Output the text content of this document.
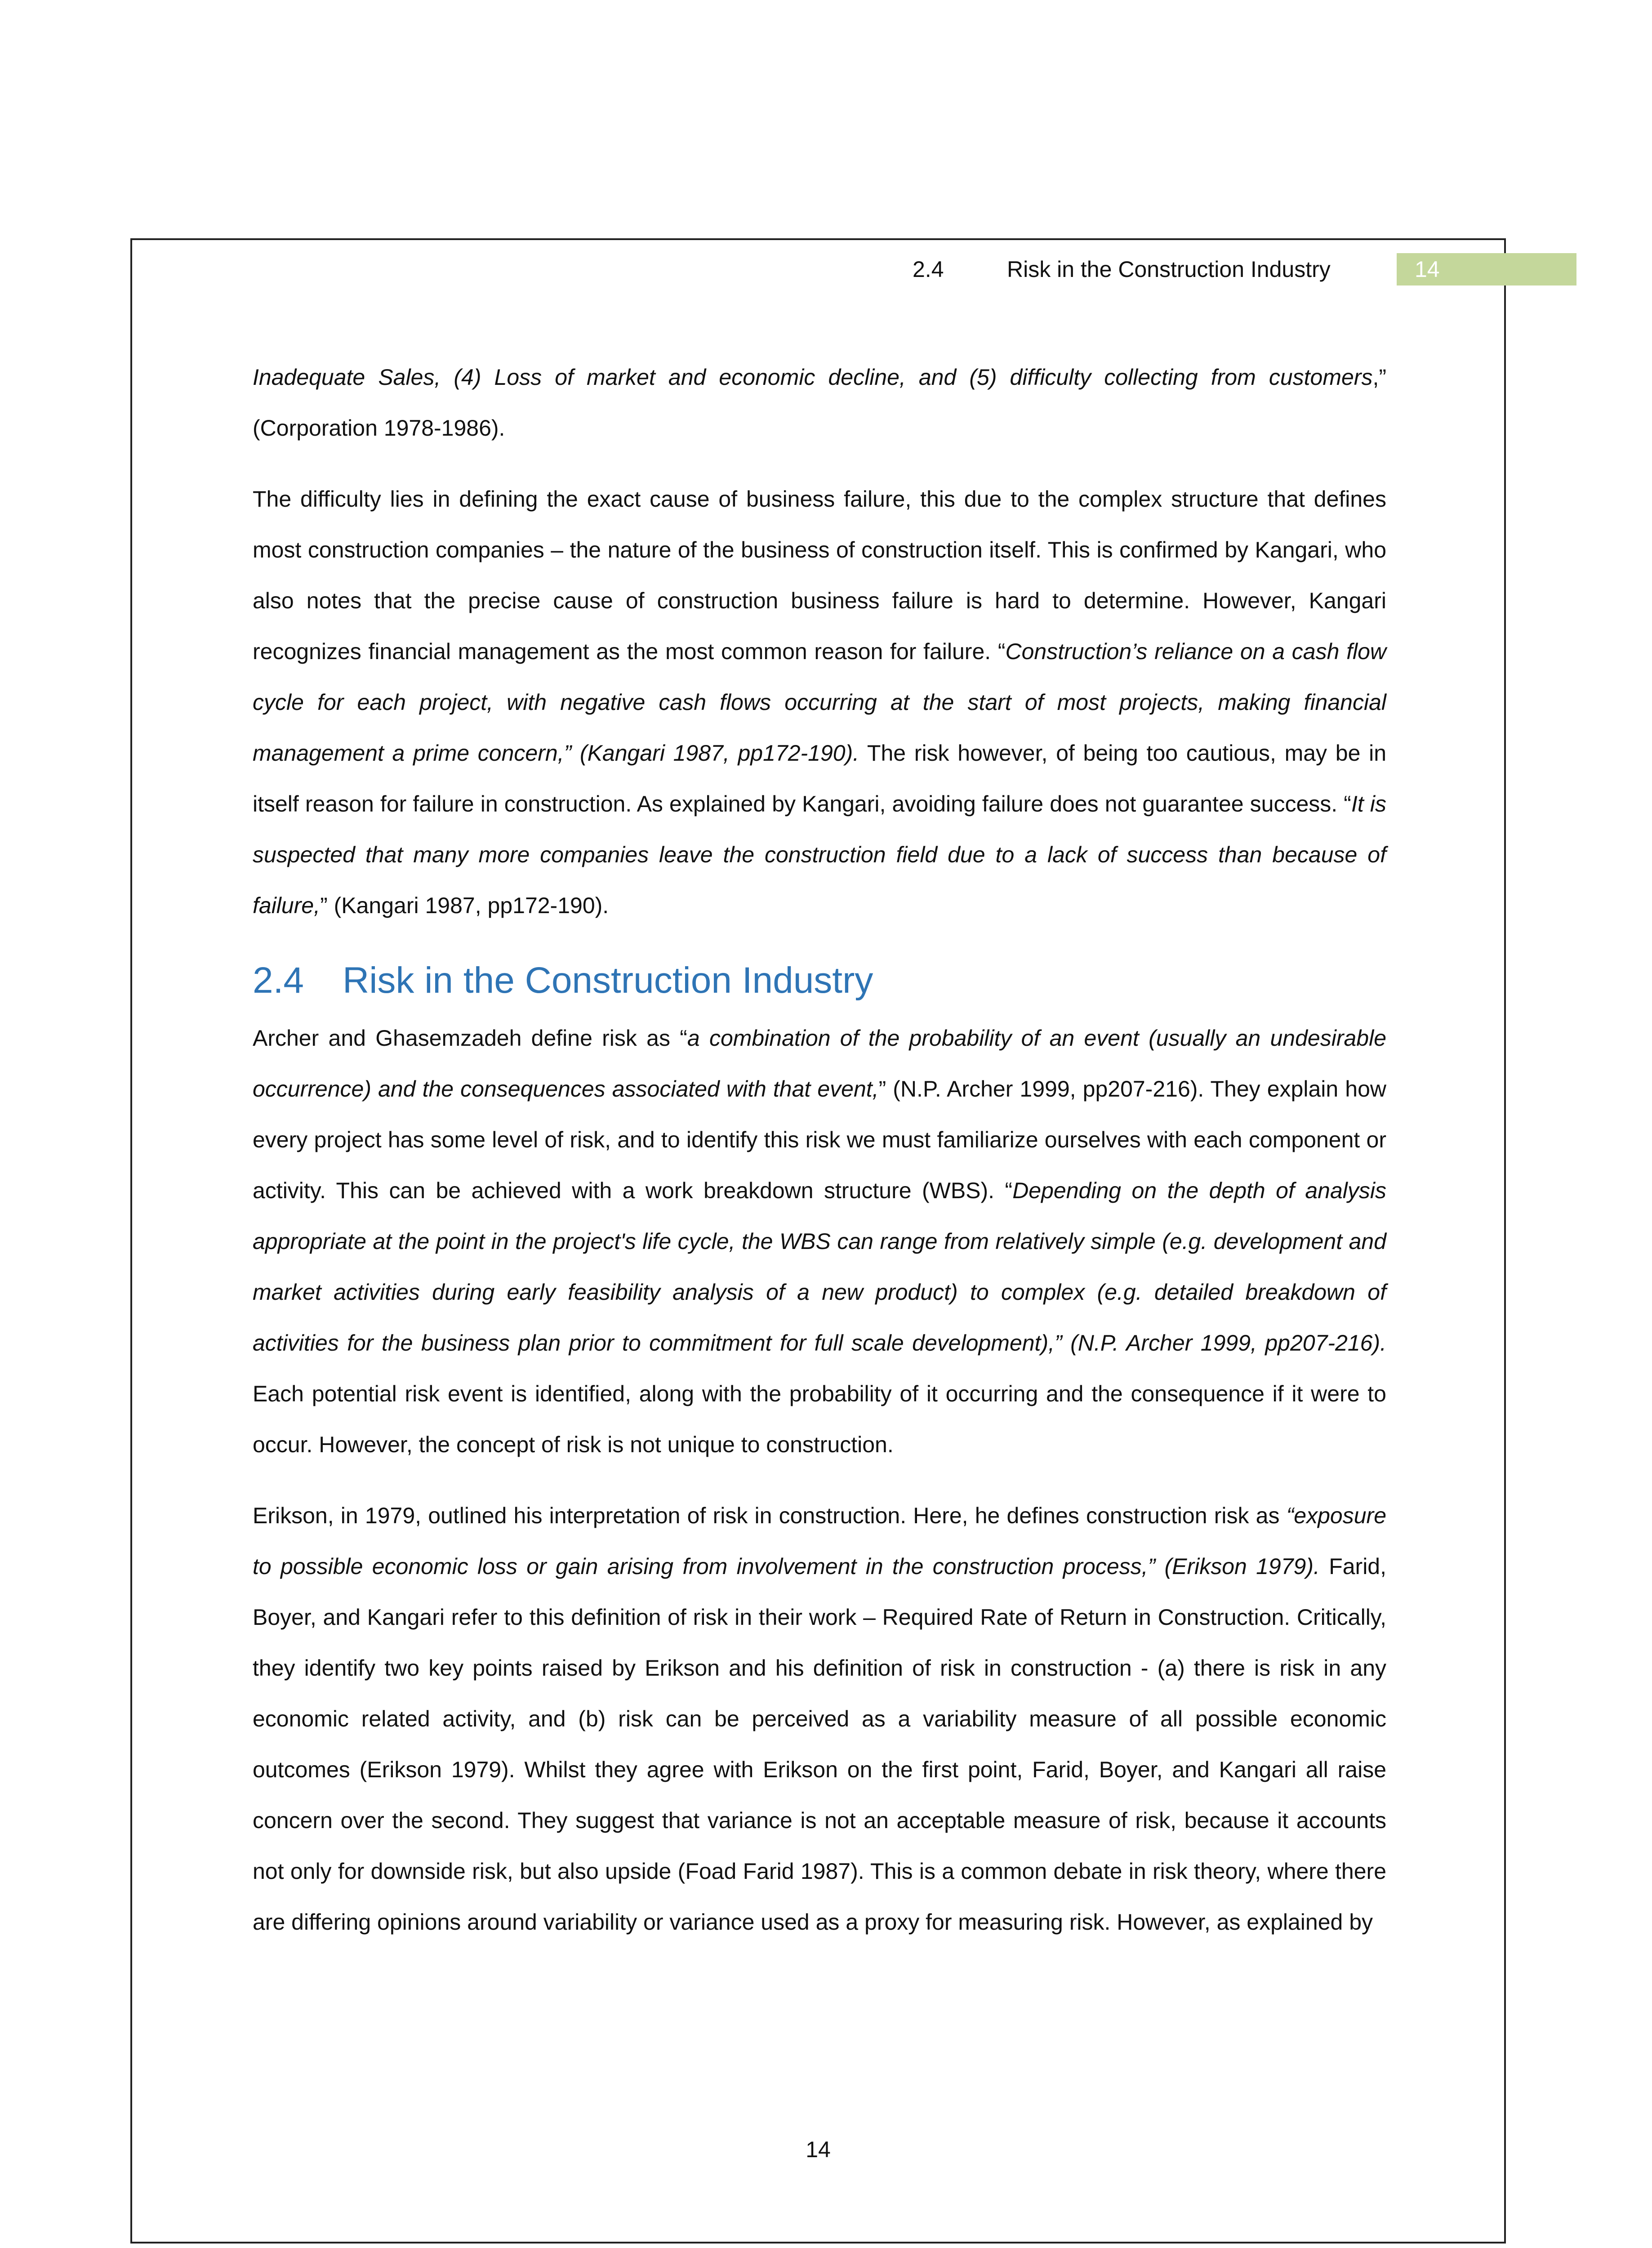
2.4	Risk in the Construction Industry	14

Inadequate Sales, (4) Loss of market and economic decline, and (5) difficulty collecting from customers,” (Corporation 1978-1986).

The difficulty lies in defining the exact cause of business failure, this due to the complex structure that defines most construction companies – the nature of the business of construction itself. This is confirmed by Kangari, who also notes that the precise cause of construction business failure is hard to determine. However, Kangari recognizes financial management as the most common reason for failure. “Construction’s reliance on a cash flow cycle for each project, with negative cash flows occurring at the start of most projects, making financial management a prime concern,” (Kangari 1987, pp172-190). The risk however, of being too cautious, may be in itself reason for failure in construction. As explained by Kangari, avoiding failure does not guarantee success. “It is suspected that many more companies leave the construction field due to a lack of success than because of failure,” (Kangari 1987, pp172-190).

2.4 Risk in the Construction Industry

Archer and Ghasemzadeh define risk as “a combination of the probability of an event (usually an undesirable occurrence) and the consequences associated with that event,” (N.P. Archer 1999, pp207-216). They explain how every project has some level of risk, and to identify this risk we must familiarize ourselves with each component or activity. This can be achieved with a work breakdown structure (WBS). “Depending on the depth of analysis appropriate at the point in the project's life cycle, the WBS can range from relatively simple (e.g. development and market activities during early feasibility analysis of a new product) to complex (e.g. detailed breakdown of activities for the business plan prior to commitment for full scale development),” (N.P. Archer 1999, pp207-216). Each potential risk event is identified, along with the probability of it occurring and the consequence if it were to occur. However, the concept of risk is not unique to construction.

Erikson, in 1979, outlined his interpretation of risk in construction. Here, he defines construction risk as “exposure to possible economic loss or gain arising from involvement in the construction process,” (Erikson 1979). Farid, Boyer, and Kangari refer to this definition of risk in their work – Required Rate of Return in Construction. Critically, they identify two key points raised by Erikson and his definition of risk in construction - (a) there is risk in any economic related activity, and (b) risk can be perceived as a variability measure of all possible economic outcomes (Erikson 1979). Whilst they agree with Erikson on the first point, Farid, Boyer, and Kangari all raise concern over the second. They suggest that variance is not an acceptable measure of risk, because it accounts not only for downside risk, but also upside (Foad Farid 1987). This is a common debate in risk theory, where there are differing opinions around variability or variance used as a proxy for measuring risk. However, as explained by

14
